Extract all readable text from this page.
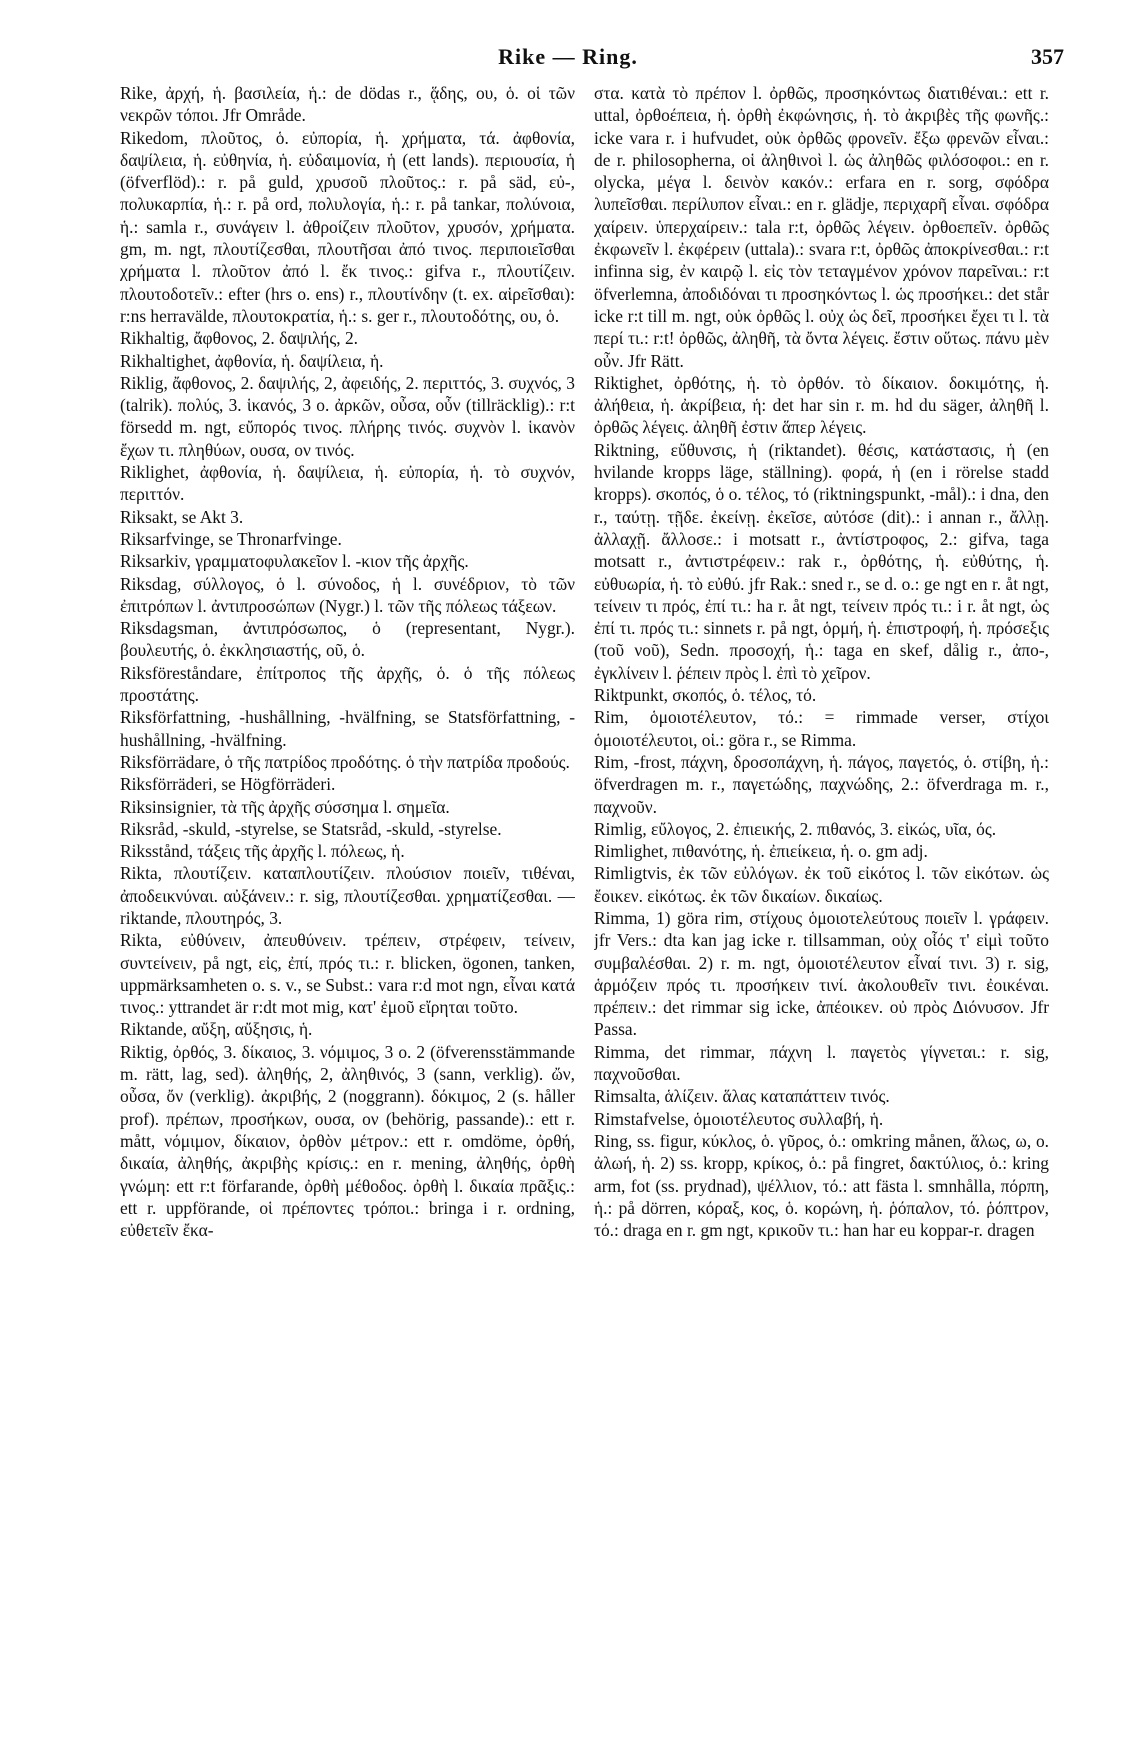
Rike — Ring.	357

Rike, ἀρχή, ἡ. βασιλεία, ἡ.: de dödas r., ᾅδης, ου, ὁ. οἱ τῶν νεκρῶν τόποι. Jfr Område.

Rikedom, πλοῦτος, ὁ. εὐπορία, ἡ. χρήματα, τά. ἀφθονία, δαψίλεια, ἡ. εὐθηνία, ἡ. εὐδαιμονία, ἡ (ett lands). περιουσία, ἡ (öfverflöd).: r. på guld, χρυσοῦ πλοῦτος.: r. på säd, εὐ-, πολυκαρπία, ἡ.: r. på ord, πολυλογία, ἡ.: r. på tankar, πολύνοια, ἡ.: samla r., συνάγειν l. ἀθροίζειν πλοῦτον, χρυσόν, χρήματα. gm, m. ngt, πλουτίζεσθαι, πλουτῆσαι ἀπό τινος. περιποιεῖσθαι χρήματα l. πλοῦτον ἀπό l. ἔκ τινος.: gifva r., πλουτίζειν. πλουτοδοτεῖν.: efter (hrs o. ens) r., πλουτίνδην (t. ex. αἱρεῖσθαι): r:ns herravälde, πλουτοκρατία, ἡ.: s. ger r., πλουτοδότης, ου, ὁ.

Rikhaltig, ἄφθονος, 2. δαψιλής, 2.

Rikhaltighet, ἀφθονία, ἡ. δαψίλεια, ἡ.

Riklig, ἄφθονος, 2. δαψιλής, 2, ἀφειδής, 2. περιττός, 3. συχνός, 3 (talrik). πολύς, 3. ἱκανός, 3 o. ἀρκῶν, οὖσα, οὖν (tillräcklig).: r:t försedd m. ngt, εὔπορός τινος. πλήρης τινός. συχνὸν l. ἱκανὸν ἔχων τι. πληθύων, ουσα, ον τινός.

Riklighet, ἀφθονία, ἡ. δαψίλεια, ἡ. εὐπορία, ἡ. τὸ συχνόν, περιττόν.

Riksakt, se Akt 3.

Riksarfvinge, se Thronarfvinge.

Riksarkiv, γραμματοφυλακεῖον l. -κιον τῆς ἀρχῆς.

Riksdag, σύλλογος, ὁ l. σύνοδος, ἡ l. συνέδριον, τὸ τῶν ἐπιτρόπων l. ἀντιπροσώπων (Nygr.) l. τῶν τῆς πόλεως τάξεων.

Riksdagsman, ἀντιπρόσωπος, ὁ (representant, Nygr.). βουλευτής, ὁ. ἐκκλησιαστής, οῦ, ὁ.

Riksföreståndare, ἐπίτροπος τῆς ἀρχῆς, ὁ. ὁ τῆς πόλεως προστάτης.

Riksförfattning, -hushållning, -hvälfning, se Statsförfattning, -hushållning, -hvälfning.

Riksförrädare, ὁ τῆς πατρίδος προδότης. ὁ τὴν πατρίδα προδούς.

Riksförräderi, se Högförräderi.

Riksinsignier, τὰ τῆς ἀρχῆς σύσσημα l. σημεῖα.

Riksråd, -skuld, -styrelse, se Statsråd, -skuld, -styrelse.

Riksstånd, τάξεις τῆς ἀρχῆς l. πόλεως, ἡ.

Rikta, πλουτίζειν. καταπλουτίζειν. πλούσιον ποιεῖν, τιθέναι, ἀποδεικνύναι. αὐξάνειν.: r. sig, πλουτίζεσθαι. χρηματίζεσθαι. — riktande, πλουτηρός, 3.

Rikta, εὐθύνειν, ἀπευθύνειν. τρέπειν, στρέφειν, τείνειν, συντείνειν, på ngt, εἰς, ἐπί, πρός τι.: r. blicken, ögonen, tanken, uppmärksamheten o. s. v., se Subst.: vara r:d mot ngn, εἶναι κατά τινος.: yttrandet är r:dt mot mig, κατ' ἐμοῦ εἴρηται τοῦτο.

Riktande, αὔξη, αὔξησις, ἡ.

Riktig, ὀρθός, 3. δίκαιος, 3. νόμιμος, 3 o. 2 (öfverensstämmande m. rätt, lag, sed). ἀληθής, 2, ἀληθινός, 3 (sann, verklig). ὤν, οὖσα, ὄν (verklig). ἀκριβής, 2 (noggrann). δόκιμος, 2 (s. håller prof). πρέπων, προσήκων, ουσα, ον (behörig, passande).: ett r. mått, νόμιμον, δίκαιον, ὀρθὸν μέτρον.: ett r. omdöme, ὀρθή, δικαία, ἀληθής, ἀκριβὴς κρίσις.: en r. mening, ἀληθής, ὀρθὴ γνώμη: ett r:t förfarande, ὀρθὴ μέθοδος. ὀρθὴ l. δικαία πρᾶξις.: ett r. uppförande, οἱ πρέποντες τρόποι.: bringa i r. ordning, εὐθετεῖν ἔκα-

στα. κατὰ τὸ πρέπον l. ὀρθῶς, προσηκόντως διατιθέναι.: ett r. uttal, ὀρθοέπεια, ἡ. ὀρθὴ ἐκφώνησις, ἡ. τὸ ἀκριβὲς τῆς φωνῆς.: icke vara r. i hufvudet, οὐκ ὀρθῶς φρονεῖν. ἔξω φρενῶν εἶναι.: de r. philosopherna, οἱ ἀληθινοὶ l. ὡς ἀληθῶς φιλόσοφοι.: en r. olycka, μέγα l. δεινὸν κακόν.: erfara en r. sorg, σφόδρα λυπεῖσθαι. περίλυπον εἶναι.: en r. glädje, περιχαρῆ εἶναι. σφόδρα χαίρειν. ὑπερχαίρειν.: tala r:t, ὀρθῶς λέγειν. ὀρθοεπεῖν. ὀρθῶς ἐκφωνεῖν l. ἐκφέρειν (uttala).: svara r:t, ὀρθῶς ἀποκρίνεσθαι.: r:t infinna sig, ἐν καιρῷ l. εἰς τὸν τεταγμένον χρόνον παρεῖναι.: r:t öfverlemna, ἀποδιδόναι τι προσηκόντως l. ὡς προσήκει.: det står icke r:t till m. ngt, οὐκ ὀρθῶς l. οὐχ ὡς δεῖ, προσήκει ἔχει τι l. τὰ περί τι.: r:t! ὀρθῶς, ἀληθῆ, τὰ ὄντα λέγεις. ἔστιν οὕτως. πάνυ μὲν οὖν. Jfr Rätt.

Riktighet, ὀρθότης, ἡ. τὸ ὀρθόν. τὸ δίκαιον. δοκιμότης, ἡ. ἀλήθεια, ἡ. ἀκρίβεια, ἡ: det har sin r. m. hd du säger, ἀληθῆ l. ὀρθῶς λέγεις. ἀληθῆ ἐστιν ἅπερ λέγεις.

Riktning, εὔθυνσις, ἡ (riktandet). θέσις, κατάστασις, ἡ (en hvilande kropps läge, ställning). φορά, ἡ (en i rörelse stadd kropps). σκοπός, ὁ o. τέλος, τό (riktningspunkt, -mål).: i dna, den r., ταύτῃ. τῇδε. ἐκείνῃ. ἐκεῖσε, αὐτόσε (dit).: i annan r., ἄλλῃ. ἀλλαχῇ. ἄλλοσε.: i motsatt r., ἀντίστροφος, 2.: gifva, taga motsatt r., ἀντιστρέφειν.: rak r., ὀρθότης, ἡ. εὐθύτης, ἡ. εὐθυωρία, ἡ. τὸ εὐθύ. jfr Rak.: sned r., se d. o.: ge ngt en r. åt ngt, τείνειν τι πρός, ἐπί τι.: ha r. åt ngt, τείνειν πρός τι.: i r. åt ngt, ὡς ἐπί τι. πρός τι.: sinnets r. på ngt, ὁρμή, ἡ. ἐπιστροφή, ἡ. πρόσεξις (τοῦ νοῦ), Sedn. προσοχή, ἡ.: taga en skef, dålig r., ἀπο-, ἐγκλίνειν l. ῥέπειν πρὸς l. ἐπὶ τὸ χεῖρον.

Riktpunkt, σκοπός, ὁ. τέλος, τό.

Rim, ὁμοιοτέλευτον, τό.: = rimmade verser, στίχοι ὁμοιοτέλευτοι, οἱ.: göra r., se Rimma.

Rim, -frost, πάχνη, δροσοπάχνη, ἡ. πάγος, παγετός, ὁ. στίβη, ἡ.: öfverdragen m. r., παγετώδης, παχνώδης, 2.: öfverdraga m. r., παχνοῦν.

Rimlig, εὔλογος, 2. ἐπιεικής, 2. πιθανός, 3. εἰκώς, υῖα, ός.

Rimlighet, πιθανότης, ἡ. ἐπιείκεια, ἡ. o. gm adj.

Rimligtvis, ἐκ τῶν εὐλόγων. ἐκ τοῦ εἰκότος l. τῶν εἰκότων. ὡς ἔοικεν. εἰκότως. ἐκ τῶν δικαίων. δικαίως.

Rimma, 1) göra rim, στίχους ὁμοιοτελεύτους ποιεῖν l. γράφειν. jfr Vers.: dta kan jag icke r. tillsamman, οὐχ οἷός τ' εἰμὶ τοῦτο συμβαλέσθαι. 2) r. m. ngt, ὁμοιοτέλευτον εἶναί τινι. 3) r. sig, ἁρμόζειν πρός τι. προσήκειν τινί. ἀκολουθεῖν τινι. ἐοικέναι. πρέπειν.: det rimmar sig icke, ἀπέοικεν. οὐ πρὸς Διόνυσον. Jfr Passa.

Rimma, det rimmar, πάχνη l. παγετὸς γίγνεται.: r. sig, παχνοῦσθαι.

Rimsalta, ἁλίζειν. ἅλας καταπάττειν τινός.

Rimstafvelse, ὁμοιοτέλευτος συλλαβή, ἡ.

Ring, ss. figur, κύκλος, ὁ. γῦρος, ὁ.: omkring månen, ἅλως, ω, ο. ἀλωή, ἡ. 2) ss. kropp, κρίκος, ὁ.: på fingret, δακτύλιος, ὁ.: kring arm, fot (ss. prydnad), ψέλλιον, τό.: att fästa l. smnhålla, πόρπη, ἡ.: på dörren, κόραξ, κος, ὁ. κορώνη, ἡ. ῥόπαλον, τό. ῥόπτρον, τό.: draga en r. gm ngt, κρικοῦν τι.: han har eu koppar-r. dragen
